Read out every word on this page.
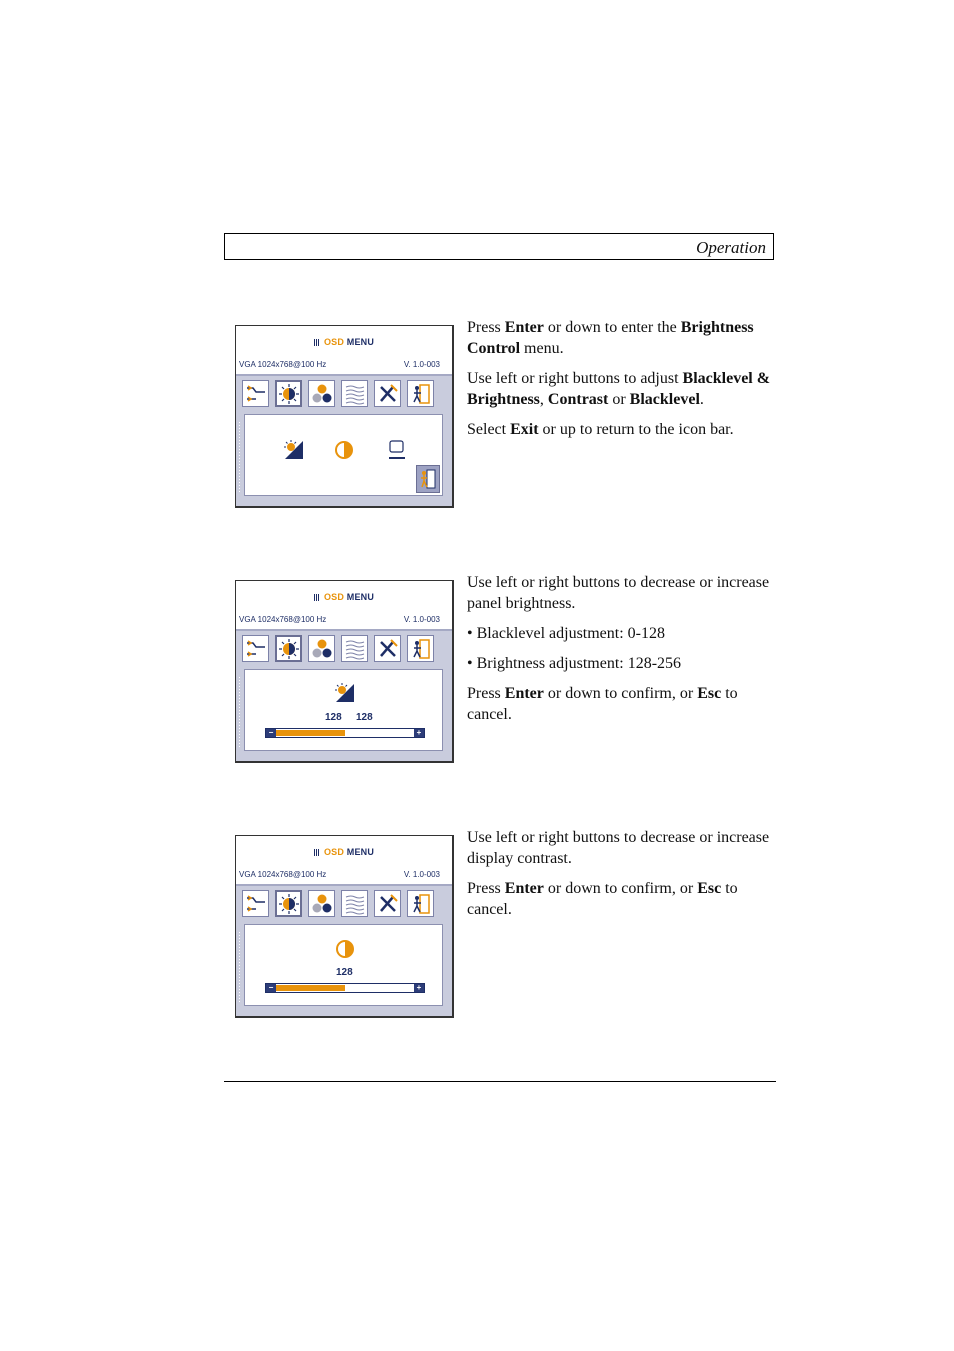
Operation
OSD MENU
VGA 1024x768@100 Hz	V. 1.0-003

Press Enter or down to enter the Brightness Control menu.

Use left or right buttons to adjust Blacklevel & Brightness, Contrast or Blacklevel.

Select Exit or up to return to the icon bar.

OSD MENU
VGA 1024x768@100 Hz	V. 1.0-003
128 128
−	+

Use left or right buttons to decrease or increase panel brightness.

• Blacklevel adjustment: 0-128

• Brightness adjustment: 128-256

Press Enter or down to confirm, or Esc to cancel.

OSD MENU
VGA 1024x768@100 Hz	V. 1.0-003
128
−	+

Use left or right buttons to decrease or increase display contrast.

Press Enter or down to confirm, or Esc to cancel.
